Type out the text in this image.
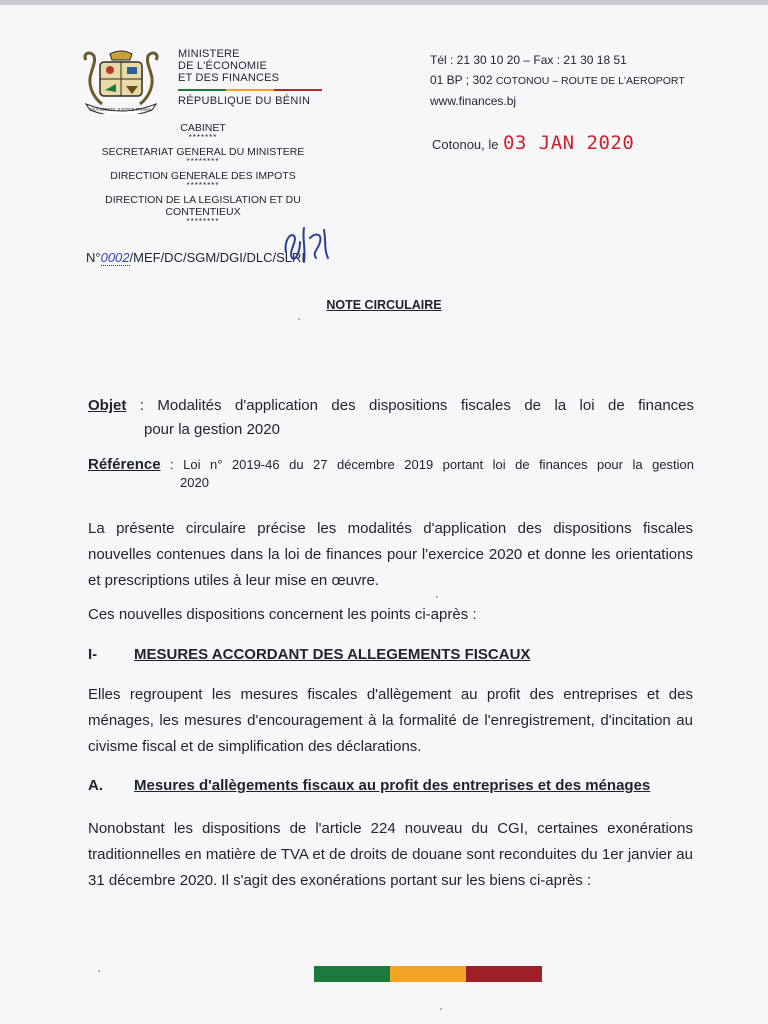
FRATERNITE JUSTICE TRAVAIL
MINISTERE
DE L'ÉCONOMIE
ET DES FINANCES
RÉPUBLIQUE DU BÉNIN
Tél : 21 30 10 20 – Fax : 21 30 18 51
01 BP ; 302 COTONOU – ROUTE DE L'AEROPORT
www.finances.bj
CABINET
*******
SECRETARIAT GENERAL DU MINISTERE
********
DIRECTION GENERALE DES IMPOTS
********
DIRECTION DE LA LEGISLATION ET DU
CONTENTIEUX
********
Cotonou, le 03 JAN 2020
N°0002/MEF/DC/SGM/DGI/DLC/SLRI
NOTE CIRCULAIRE
Objet : Modalités d'application des dispositions fiscales de la loi de finances
pour la gestion 2020
Référence : Loi n° 2019-46 du 27 décembre 2019 portant loi de finances pour la gestion
2020
La présente circulaire précise les modalités d'application des dispositions fiscales nouvelles contenues dans la loi de finances pour l'exercice 2020 et donne les orientations et prescriptions utiles à leur mise en œuvre.
Ces nouvelles dispositions concernent les points ci-après :
I- MESURES ACCORDANT DES ALLEGEMENTS FISCAUX
Elles regroupent les mesures fiscales d'allègement au profit des entreprises et des ménages, les mesures d'encouragement à la formalité de l'enregistrement, d'incitation au civisme fiscal et de simplification des déclarations.
A. Mesures d'allègements fiscaux au profit des entreprises et des ménages
Nonobstant les dispositions de l'article 224 nouveau du CGI, certaines exonérations traditionnelles en matière de TVA et de droits de douane sont reconduites du 1er janvier au 31 décembre 2020. Il s'agit des exonérations portant sur les biens ci-après :
